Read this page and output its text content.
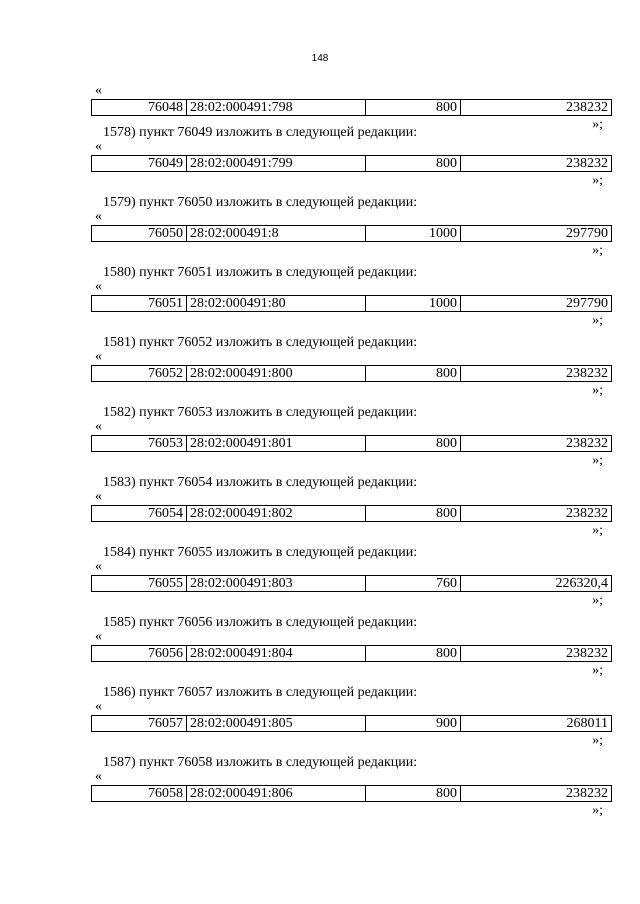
148
«
76048	28:02:000491:798	800	238232
»;
1578) пункт 76049 изложить в следующей редакции:
«
76049	28:02:000491:799	800	238232
»;
1579) пункт 76050 изложить в следующей редакции:
«
76050	28:02:000491:8	1000	297790
»;
1580) пункт 76051 изложить в следующей редакции:
«
76051	28:02:000491:80	1000	297790
»;
1581) пункт 76052 изложить в следующей редакции:
«
76052	28:02:000491:800	800	238232
»;
1582) пункт 76053 изложить в следующей редакции:
«
76053	28:02:000491:801	800	238232
»;
1583) пункт 76054 изложить в следующей редакции:
«
76054	28:02:000491:802	800	238232
»;
1584) пункт 76055 изложить в следующей редакции:
«
76055	28:02:000491:803	760	226320,4
»;
1585) пункт 76056 изложить в следующей редакции:
«
76056	28:02:000491:804	800	238232
»;
1586) пункт 76057 изложить в следующей редакции:
«
76057	28:02:000491:805	900	268011
»;
1587) пункт 76058 изложить в следующей редакции:
«
76058	28:02:000491:806	800	238232
»;
